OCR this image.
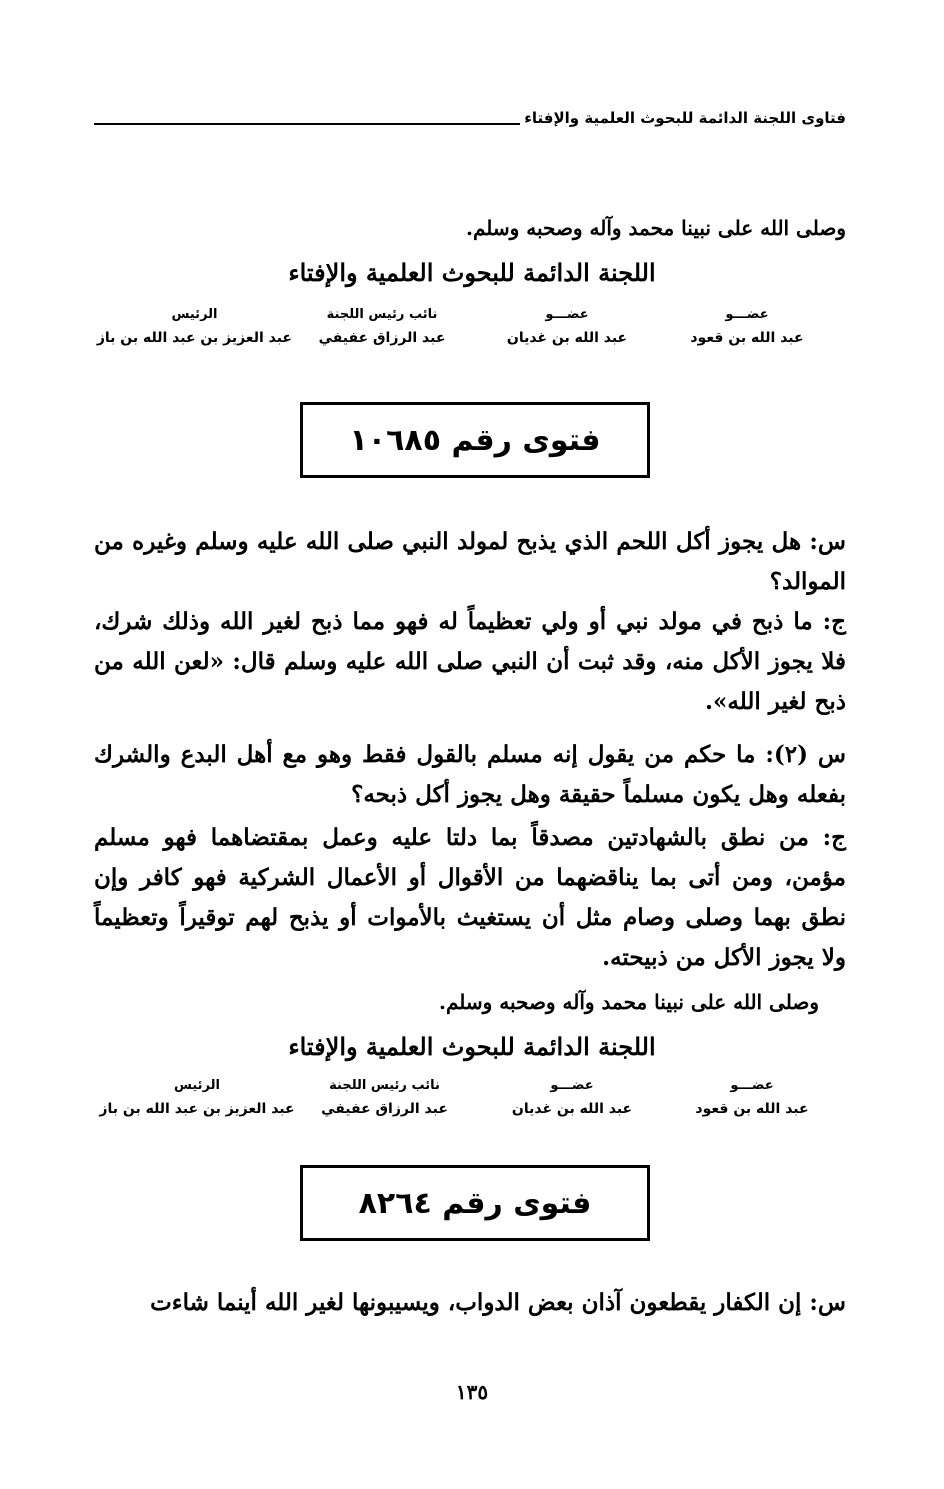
فتاوى اللجنة الدائمة للبحوث العلمية والإفتاء
وصلى الله على نبينا محمد وآله وصحبه وسلم.
اللجنة الدائمة للبحوث العلمية والإفتاء
عضـــو
عبد الله بن قعود
عضـــو
عبد الله بن غديان
نائب رئيس اللجنة
عبد الرزاق عفيفي
الرئيس
عبد العزيز بن عبد الله بن باز
فتوى رقم ١٠٦٨٥
س: هل يجوز أكل اللحم الذي يذبح لمولد النبي صلى الله عليه وسلم وغيره من الموالد؟
ج: ما ذبح في مولد نبي أو ولي تعظيماً له فهو مما ذبح لغير الله وذلك شرك، فلا يجوز الأكل منه، وقد ثبت أن النبي صلى الله عليه وسلم قال: «لعن الله من ذبح لغير الله».
س (٢): ما حكم من يقول إنه مسلم بالقول فقط وهو مع أهل البدع والشرك بفعله وهل يكون مسلماً حقيقة وهل يجوز أكل ذبحه؟
ج: من نطق بالشهادتين مصدقاً بما دلتا عليه وعمل بمقتضاهما فهو مسلم مؤمن، ومن أتى بما يناقضهما من الأقوال أو الأعمال الشركية فهو كافر وإن نطق بهما وصلى وصام مثل أن يستغيث بالأموات أو يذبح لهم توقيراً وتعظيماً ولا يجوز الأكل من ذبيحته.
وصلى الله على نبينا محمد وآله وصحبه وسلم.
اللجنة الدائمة للبحوث العلمية والإفتاء
عضـــو
عبد الله بن قعود
عضـــو
عبد الله بن غديان
نائب رئيس اللجنة
عبد الرزاق عفيفي
الرئيس
عبد العزيز بن عبد الله بن باز
فتوى رقم ٨٢٦٤
س: إن الكفار يقطعون آذان بعض الدواب، ويسيبونها لغير الله أينما شاءت
١٣٥
